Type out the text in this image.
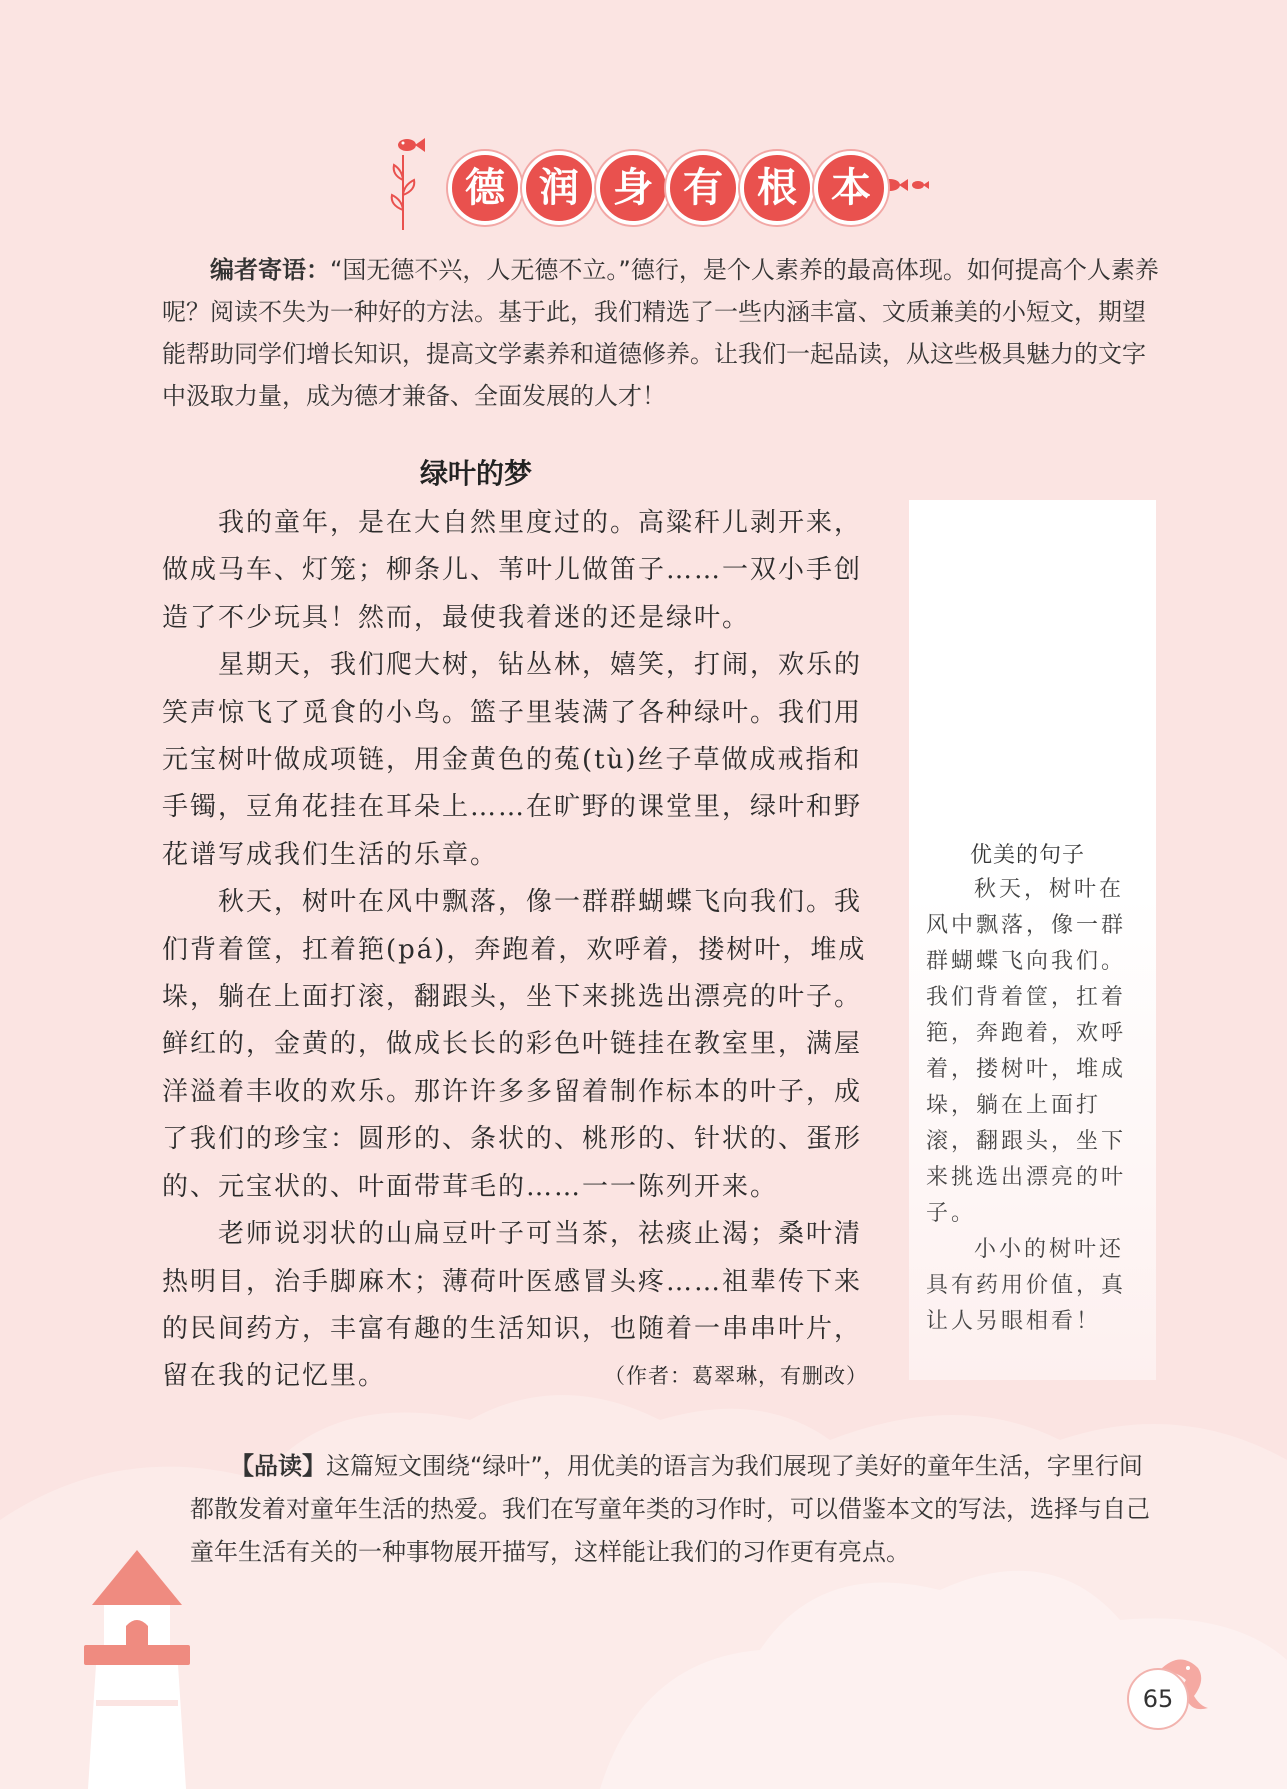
德 润 身 有 根 本

编者寄语：“国无德不兴，人无德不立。”德行，是个人素养的最高体现。如何提高个人素养呢？阅读不失为一种好的方法。基于此，我们精选了一些内涵丰富、文质兼美的小短文，期望能帮助同学们增长知识，提高文学素养和道德修养。让我们一起品读，从这些极具魅力的文字中汲取力量，成为德才兼备、全面发展的人才！

绿叶的梦

我的童年，是在大自然里度过的。高粱秆儿剥开来，做成马车、灯笼；柳条儿、苇叶儿做笛子……一双小手创造了不少玩具！然而，最使我着迷的还是绿叶。

星期天，我们爬大树，钻丛林，嬉笑，打闹，欢乐的笑声惊飞了觅食的小鸟。篮子里装满了各种绿叶。我们用元宝树叶做成项链，用金黄色的菟(tù)丝子草做成戒指和手镯，豆角花挂在耳朵上……在旷野的课堂里，绿叶和野花谱写成我们生活的乐章。

秋天，树叶在风中飘落，像一群群蝴蝶飞向我们。我们背着筐，扛着筢(pá)，奔跑着，欢呼着，搂树叶，堆成垛，躺在上面打滚，翻跟头，坐下来挑选出漂亮的叶子。鲜红的，金黄的，做成长长的彩色叶链挂在教室里，满屋洋溢着丰收的欢乐。那许许多多留着制作标本的叶子，成了我们的珍宝：圆形的、条状的、桃形的、针状的、蛋形的、元宝状的、叶面带茸毛的……一一陈列开来。

老师说羽状的山扁豆叶子可当茶，祛痰止渴；桑叶清热明目，治手脚麻木；薄荷叶医感冒头疼……祖辈传下来的民间药方，丰富有趣的生活知识，也随着一串串叶片，留在我的记忆里。	（作者：葛翠琳，有删改）

优美的句子

秋天，树叶在风中飘落，像一群群蝴蝶飞向我们。我们背着筐，扛着筢，奔跑着，欢呼着，搂树叶，堆成垛，躺在上面打滚，翻跟头，坐下来挑选出漂亮的叶子。

小小的树叶还具有药用价值，真让人另眼相看！

【品读】这篇短文围绕“绿叶”，用优美的语言为我们展现了美好的童年生活，字里行间都散发着对童年生活的热爱。我们在写童年类的习作时，可以借鉴本文的写法，选择与自己童年生活有关的一种事物展开描写，这样能让我们的习作更有亮点。

65
